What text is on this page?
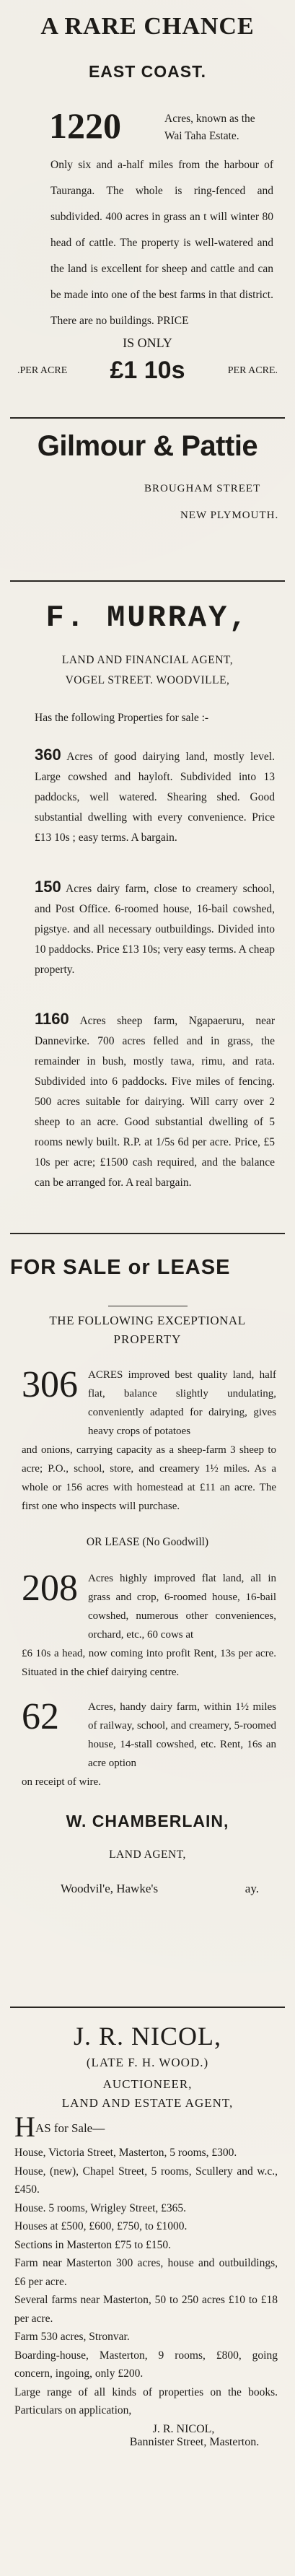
A RARE CHANCE
EAST COAST.
1220	Acres, known as the
Wai Taha Estate.
Only six and a-half miles from the harbour of Tauranga. The whole is ring-fenced and subdivided. 400 acres in grass an t will winter 80 head of cattle. The property is well-watered and the land is excellent for sheep and cattle and can be made into one of the best farms in that district. There are no buildings. PRICE
IS ONLY
.PER ACRE £1 10s	PER ACRE.
Gilmour & Pattie
BROUGHAM STREET
NEW PLYMOUTH.
F. MURRAY,
LAND AND FINANCIAL AGENT,
VOGEL STREET. WOODVILLE,
Has the following Properties for sale :-
360 Acres of good dairying land, mostly level. Large cowshed and hayloft. Subdivided into 13 paddocks, well watered. Shearing shed. Good substantial dwelling with every convenience. Price £13 10s ; easy terms. A bargain.
150 Acres dairy farm, close to creamery school, and Post Office. 6-roomed house, 16-bail cowshed, pigstye. and all necessary outbuildings. Divided into 10 paddocks. Price £13 10s; very easy terms. A cheap property.
1160 Acres sheep farm, Ngapaeruru, near Dannevirke. 700 acres felled and in grass, the remainder in bush, mostly tawa, rimu, and rata. Subdivided into 6 paddocks. Five miles of fencing. 500 acres suitable for dairying. Will carry over 2 sheep to an acre. Good substantial dwelling of 5 rooms newly built. R.P. at 1/5s 6d per acre. Price, £5 10s per acre; £1500 cash required, and the balance can be arranged for. A real bargain.
FOR SALE or LEASE
THE FOLLOWING EXCEPTIONAL
PROPERTY
306 ACRES improved best quality land, half flat, balance slightly undulating, conveniently adapted for dairying, gives heavy crops of potatoes
and onions, carrying capacity as a sheep-farm 3 sheep to acre; P.O., school, store, and creamery 1½ miles. As a whole or 156 acres with homestead at £11 an acre. The first one who inspects will purchase.
OR LEASE (No Goodwill)
208 Acres highly improved flat land, all in grass and crop, 6-roomed house, 16-bail cowshed, numerous other conveniences, orchard, etc., 60 cows at
£6 10s a head, now coming into profit Rent, 13s per acre. Situated in the chief dairying centre.
62	Acres, handy dairy farm, within 1½ miles of railway, school, and creamery, 5-roomed house, 14-stall cowshed, etc. Rent, 16s an acre option
on receipt of wire.
W. CHAMBERLAIN,
LAND AGENT,
Woodvil'e, Hawke's	ay.
J. R. NICOL,
(LATE F. H. WOOD.)
AUCTIONEER,
LAND AND ESTATE AGENT,
HAS for Sale—
House, Victoria Street, Masterton, 5 rooms, £300.
House, (new), Chapel Street, 5 rooms, Scullery and w.c., £450.
House. 5 rooms, Wrigley Street, £365.
Houses at £500, £600, £750, to £1000.
Sections in Masterton £75 to £150.
Farm near Masterton 300 acres, house and outbuildings, £6 per acre.
Several farms near Masterton, 50 to 250 acres £10 to £18 per acre.
Farm 530 acres, Stronvar.
Boarding-house, Masterton, 9 rooms, £800, going concern, ingoing, only £200.
Large range of all kinds of properties on the books. Particulars on application,
J. R. NICOL,
Bannister Street, Masterton.
